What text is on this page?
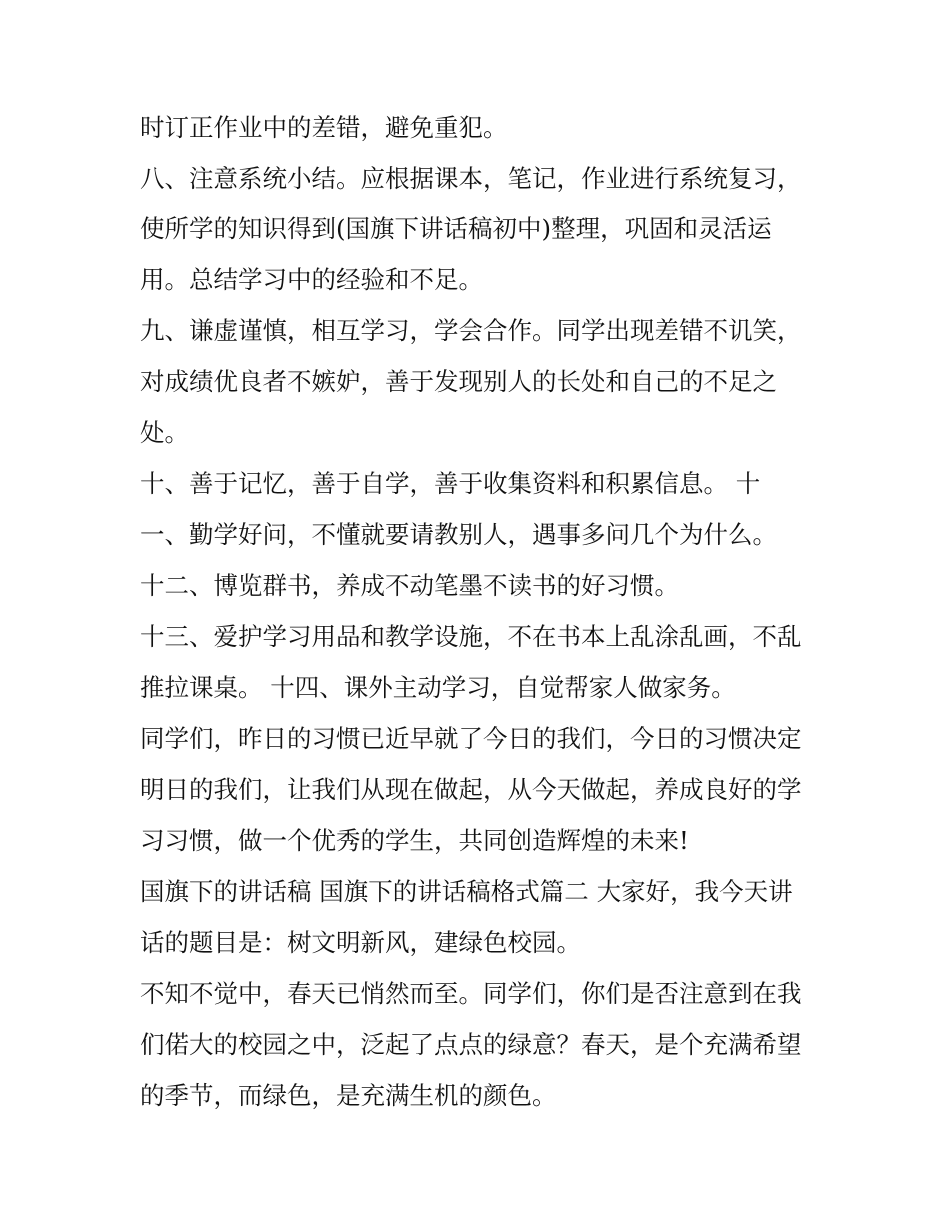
时订正作业中的差错，避免重犯。

八、注意系统小结。应根据课本，笔记，作业进行系统复习，

使所学的知识得到(国旗下讲话稿初中)整理，巩固和灵活运

用。总结学习中的经验和不足。

九、谦虚谨慎，相互学习，学会合作。同学出现差错不讥笑，

对成绩优良者不嫉妒，善于发现别人的长处和自己的不足之

处。

十、善于记忆，善于自学，善于收集资料和积累信息。 十

一、勤学好问，不懂就要请教别人，遇事多问几个为什么。

十二、博览群书，养成不动笔墨不读书的好习惯。

十三、爱护学习用品和教学设施，不在书本上乱涂乱画，不乱

推拉课桌。 十四、课外主动学习，自觉帮家人做家务。

同学们，昨日的习惯已近早就了今日的我们，今日的习惯决定

明日的我们，让我们从现在做起，从今天做起，养成良好的学

习习惯，做一个优秀的学生，共同创造辉煌的未来!

国旗下的讲话稿 国旗下的讲话稿格式篇二 大家好，我今天讲

话的题目是：树文明新风，建绿色校园。

不知不觉中，春天已悄然而至。同学们，你们是否注意到在我

们偌大的校园之中，泛起了点点的绿意？春天，是个充满希望

的季节，而绿色，是充满生机的颜色。
